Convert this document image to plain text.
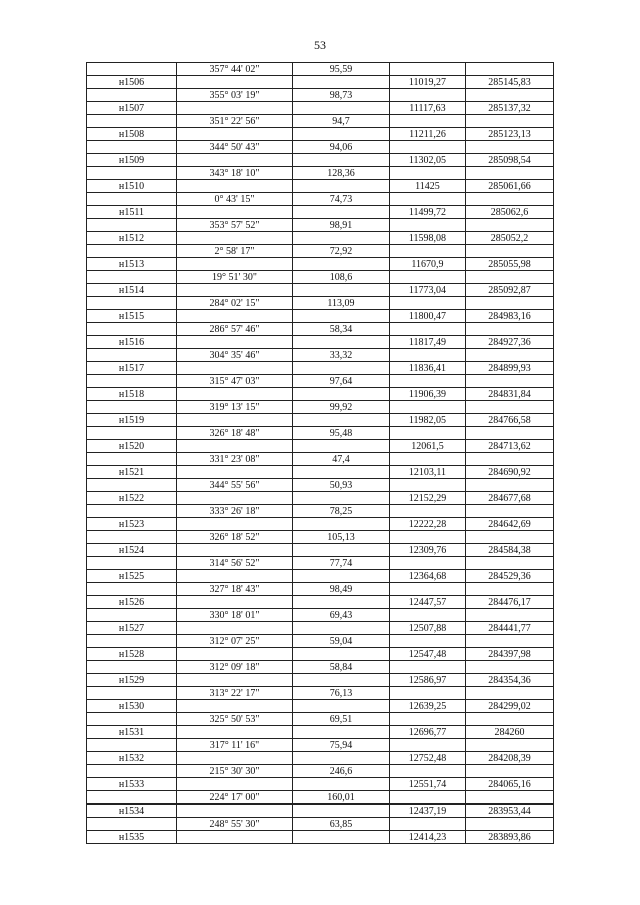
53
	357° 44' 02"	95,59		
н1506			11019,27	285145,83
	355° 03' 19"	98,73		
н1507			11117,63	285137,32
	351° 22' 56"	94,7		
н1508			11211,26	285123,13
	344° 50' 43"	94,06		
н1509			11302,05	285098,54
	343° 18' 10"	128,36		
н1510			11425	285061,66
	0° 43' 15"	74,73		
н1511			11499,72	285062,6
	353° 57' 52"	98,91		
н1512			11598,08	285052,2
	2° 58' 17"	72,92		
н1513			11670,9	285055,98
	19° 51' 30"	108,6		
н1514			11773,04	285092,87
	284° 02' 15"	113,09		
н1515			11800,47	284983,16
	286° 57' 46"	58,34		
н1516			11817,49	284927,36
	304° 35' 46"	33,32		
н1517			11836,41	284899,93
	315° 47' 03"	97,64		
н1518			11906,39	284831,84
	319° 13' 15"	99,92		
н1519			11982,05	284766,58
	326° 18' 48"	95,48		
н1520			12061,5	284713,62
	331° 23' 08"	47,4		
н1521			12103,11	284690,92
	344° 55' 56"	50,93		
н1522			12152,29	284677,68
	333° 26' 18"	78,25		
н1523			12222,28	284642,69
	326° 18' 52"	105,13		
н1524			12309,76	284584,38
	314° 56' 52"	77,74		
н1525			12364,68	284529,36
	327° 18' 43"	98,49		
н1526			12447,57	284476,17
	330° 18' 01"	69,43		
н1527			12507,88	284441,77
	312° 07' 25"	59,04		
н1528			12547,48	284397,98
	312° 09' 18"	58,84		
н1529			12586,97	284354,36
	313° 22' 17"	76,13		
н1530			12639,25	284299,02
	325° 50' 53"	69,51		
н1531			12696,77	284260
	317° 11' 16"	75,94		
н1532			12752,48	284208,39
	215° 30' 30"	246,6		
н1533			12551,74	284065,16
	224° 17' 00"	160,01		
н1534			12437,19	283953,44
	248° 55' 30"	63,85		
н1535			12414,23	283893,86
